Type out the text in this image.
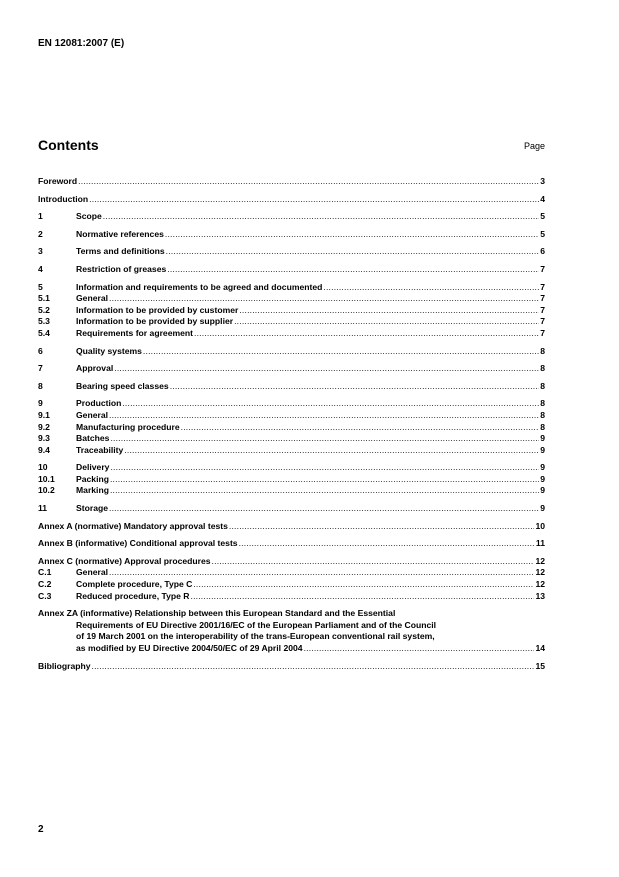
EN 12081:2007 (E)
Contents	Page
Foreword . . .	3
Introduction . . .	4
1	Scope . . .	5
2	Normative references . . .	5
3	Terms and definitions . . .	6
4	Restriction of greases . . .	7
5	Information and requirements to be agreed and documented . . .	7
5.1	General . . .	7
5.2	Information to be provided by customer . . .	7
5.3	Information to be provided by supplier . . .	7
5.4	Requirements for agreement . . .	7
6	Quality systems . . .	8
7	Approval . . .	8
8	Bearing speed classes . . .	8
9	Production . . .	8
9.1	General . . .	8
9.2	Manufacturing procedure . . .	8
9.3	Batches . . .	9
9.4	Traceability . . .	9
10	Delivery . . .	9
10.1	Packing . . .	9
10.2	Marking . . .	9
11	Storage . . .	9
Annex A (normative) Mandatory approval tests . . .	10
Annex B (informative) Conditional approval tests . . .	11
Annex C (normative) Approval procedures . . .	12
C.1	General . . .	12
C.2	Complete procedure, Type C . . .	12
C.3	Reduced procedure, Type R . . .	13
Annex ZA (informative) Relationship between this European Standard and the Essential
Requirements of EU Directive 2001/16/EC of the European Parliament and of the Council
of 19 March 2001 on the interoperability of the trans-European conventional rail system,
as modified by EU Directive 2004/50/EC of 29 April 2004 . . .	14
Bibliography . . .	15
2
